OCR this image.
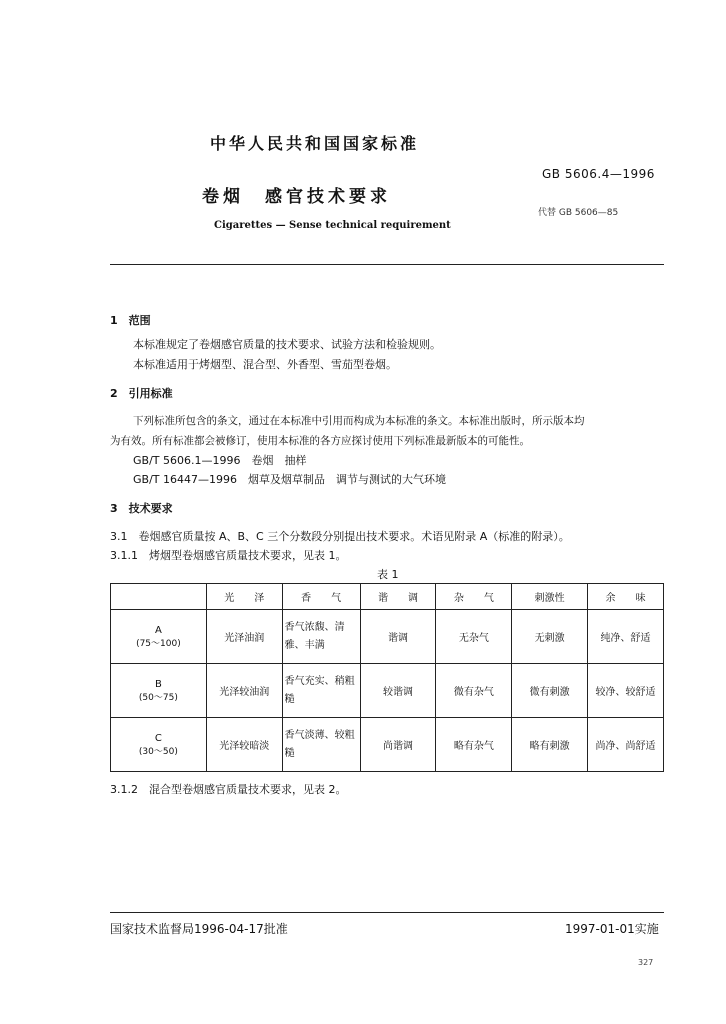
中华人民共和国国家标准
GB 5606.4—1996
卷烟　感官技术要求
代替 GB 5606—85
Cigarettes — Sense technical requirement
1　范围
本标准规定了卷烟感官质量的技术要求、试验方法和检验规则。
本标准适用于烤烟型、混合型、外香型、雪茄型卷烟。
2　引用标准
下列标准所包含的条文，通过在本标准中引用而构成为本标准的条文。本标准出版时，所示版本均
为有效。所有标准都会被修订，使用本标准的各方应探讨使用下列标准最新版本的可能性。
GB/T 5606.1—1996　卷烟　抽样
GB/T 16447—1996　烟草及烟草制品　调节与测试的大气环境
3　技术要求
3.1　卷烟感官质量按 A、B、C 三个分数段分别提出技术要求。术语见附录 A（标准的附录）。
3.1.1　烤烟型卷烟感官质量技术要求，见表 1。
表 1
	光　　泽	香　　气	谐　　调	杂　　气	刺激性	余　　味

A
(75～100)	光泽油润	香气浓馥、清雅、丰满	谐调	无杂气	无刺激	纯净、舒适

B
(50～75)	光泽较油润	香气充实、稍粗糙	较谐调	微有杂气	微有刺激	较净、较舒适

C
(30～50)	光泽较暗淡	香气淡薄、较粗糙	尚谐调	略有杂气	略有刺激	尚净、尚舒适
3.1.2　混合型卷烟感官质量技术要求，见表 2。
国家技术监督局1996-04-17批准	1997-01-01实施
327
